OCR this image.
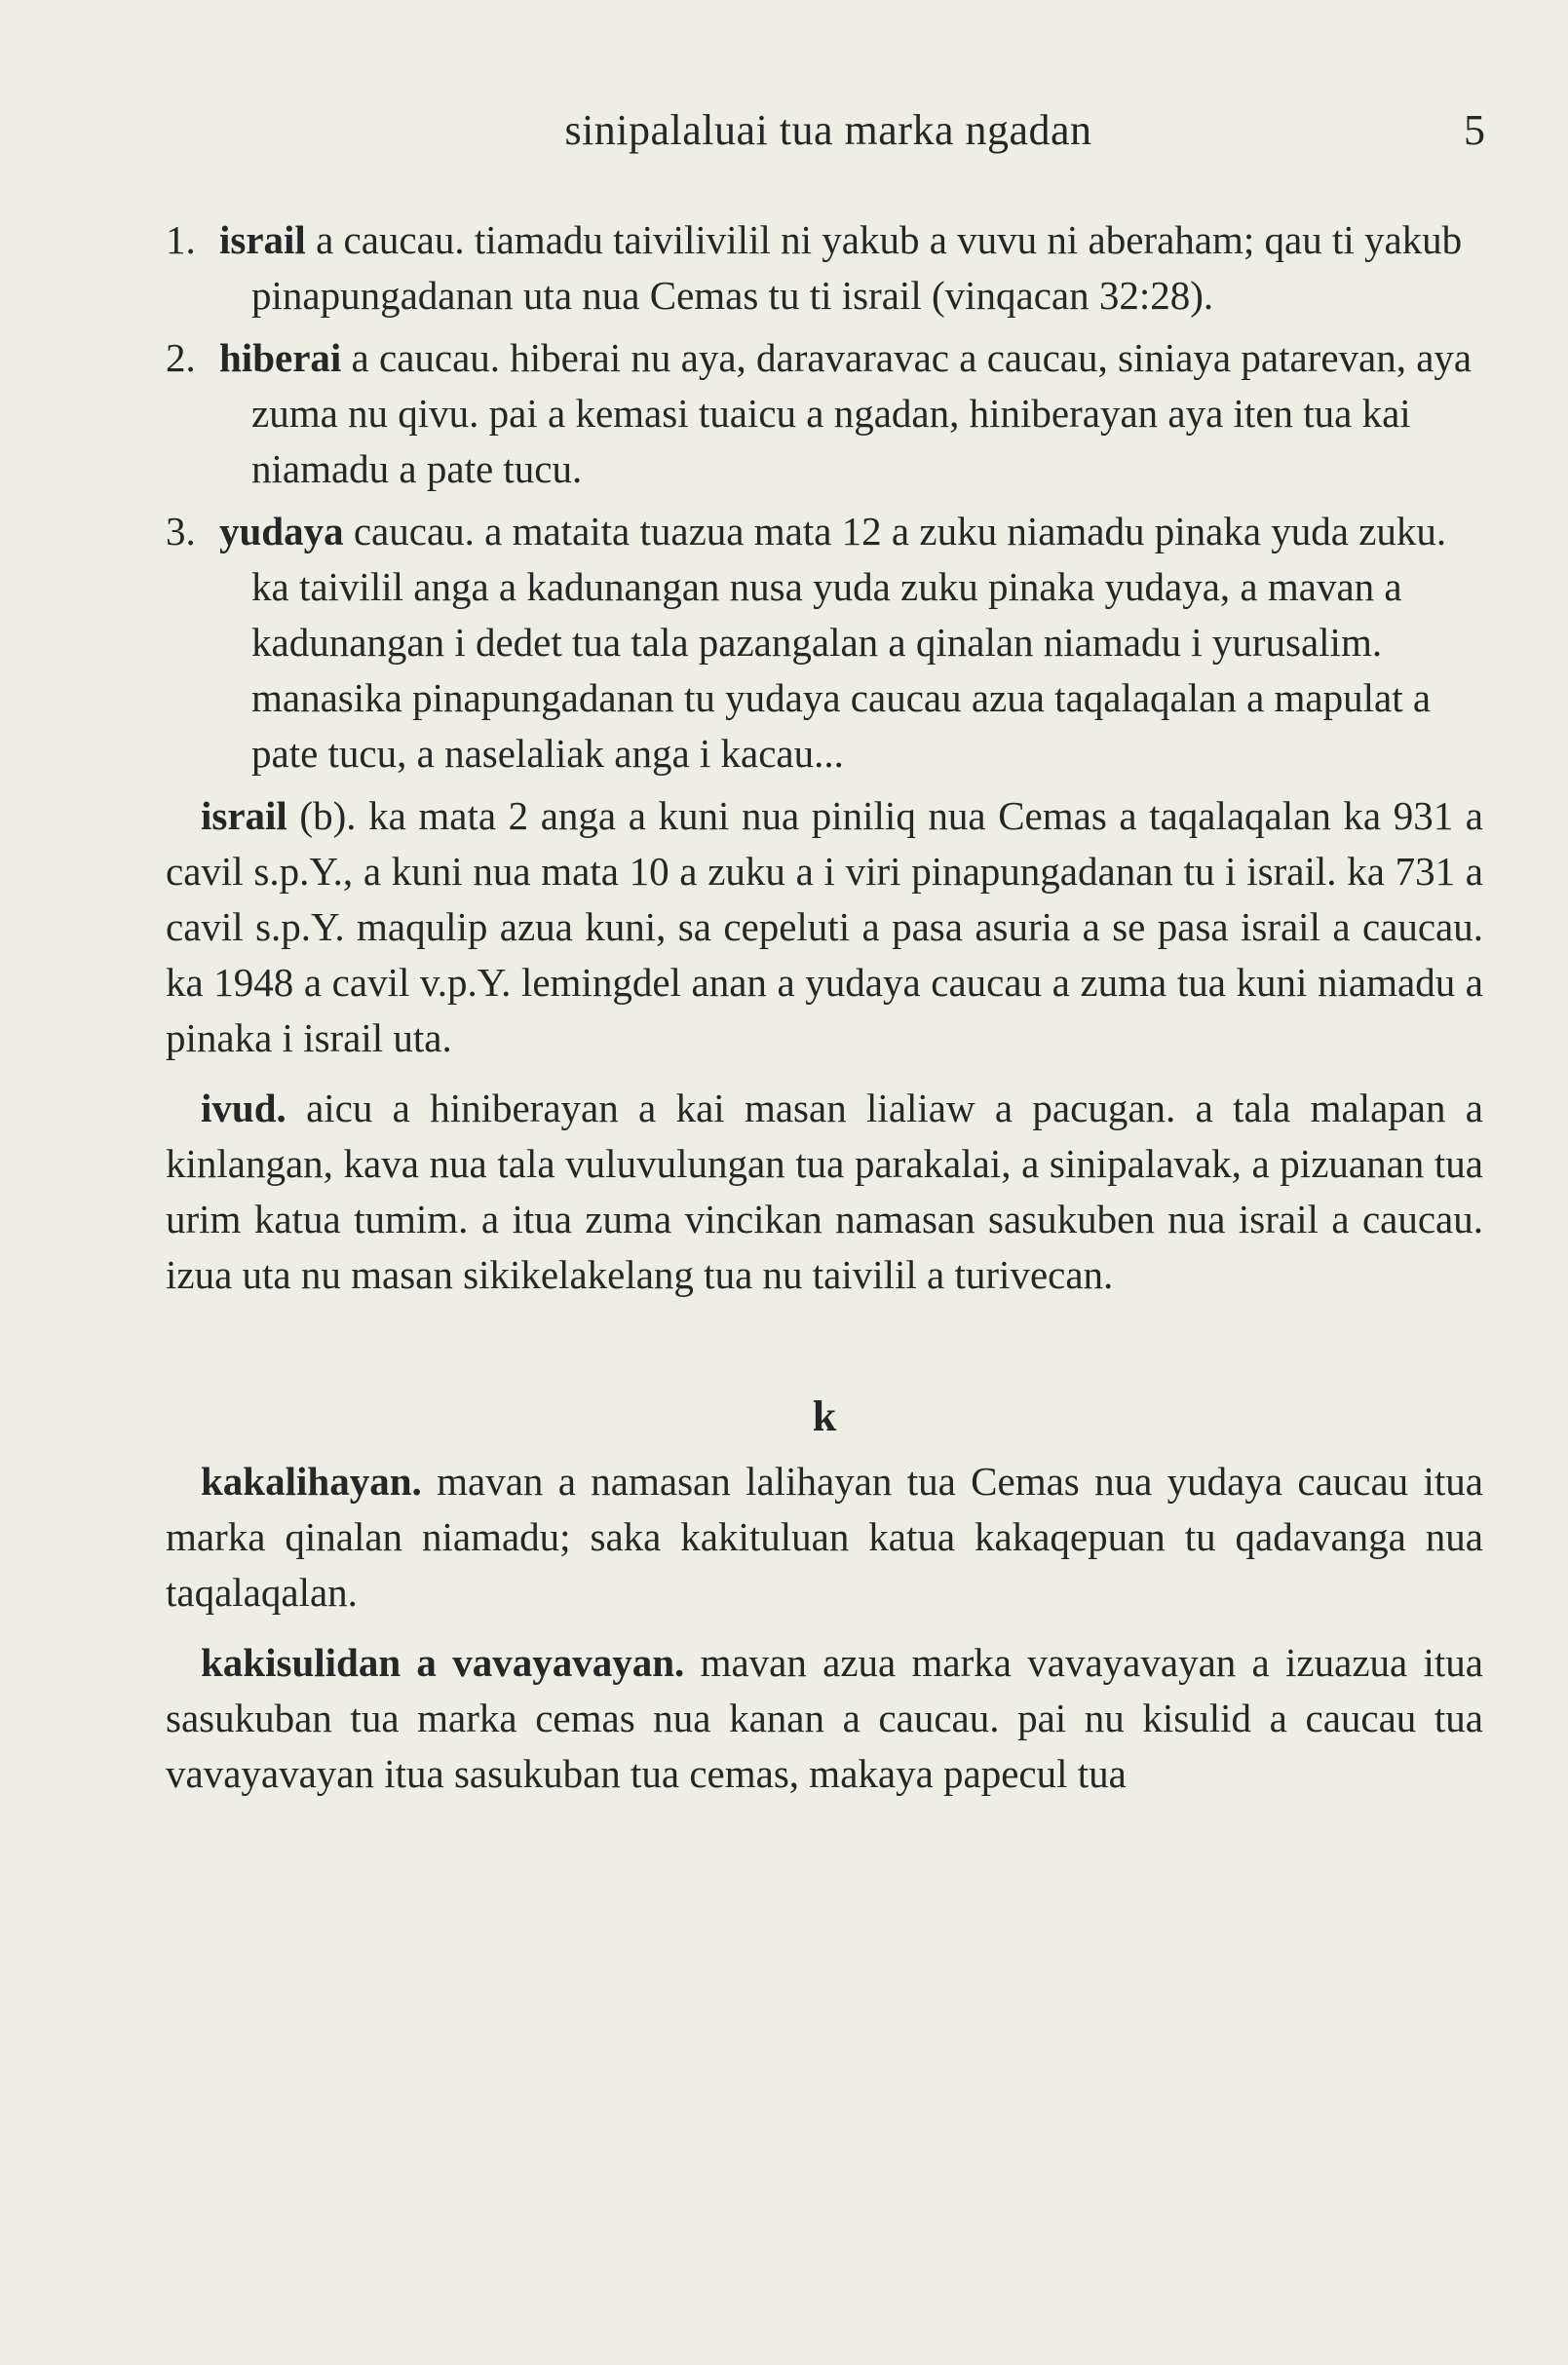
sinipalaluai tua marka ngadan	5
1. israil a caucau. tiamadu taivilivilil ni yakub a vuvu ni aberaham; qau ti yakub pinapungadanan uta nua Cemas tu ti israil (vinqacan 32:28).
2. hiberai a caucau. hiberai nu aya, daravaravac a caucau, siniaya patarevan, aya zuma nu qivu. pai a kemasi tuaicu a ngadan, hiniberayan aya iten tua kai niamadu a pate tucu.
3. yudaya caucau. a mataita tuazua mata 12 a zuku niamadu pinaka yuda zuku. ka taivilil anga a kadunangan nusa yuda zuku pinaka yudaya, a mavan a kadunangan i dedet tua tala pazangalan a qinalan niamadu i yurusalim. manasika pinapungadanan tu yudaya caucau azua taqalaqalan a mapulat a pate tucu, a naselaliak anga i kacau...

israil (b). ka mata 2 anga a kuni nua piniliq nua Cemas a taqalaqalan ka 931 a cavil s.p.Y., a kuni nua mata 10 a zuku a i viri pinapungadanan tu i israil. ka 731 a cavil s.p.Y. maqulip azua kuni, sa cepeluti a pasa asuria a se pasa israil a caucau. ka 1948 a cavil v.p.Y. lemingdel anan a yudaya caucau a zuma tua kuni niamadu a pinaka i israil uta.

ivud. aicu a hiniberayan a kai masan lialiaw a pacugan. a tala malapan a kinlangan, kava nua tala vuluvulungan tua parakalai, a sinipalavak, a pizuanan tua urim katua tumim. a itua zuma vincikan namasan sasukuben nua israil a caucau. izua uta nu masan sikikelakelang tua nu taivilil a turivecan.

k

kakalihayan. mavan a namasan lalihayan tua Cemas nua yudaya caucau itua marka qinalan niamadu; saka kakituluan katua kakaqepuan tu qadavanga nua taqalaqalan.

kakisulidan a vavayavayan. mavan azua marka vavayavayan a izuazua itua sasukuban tua marka cemas nua kanan a caucau. pai nu kisulid a caucau tua vavayavayan itua sasukuban tua cemas, makaya papecul tua
